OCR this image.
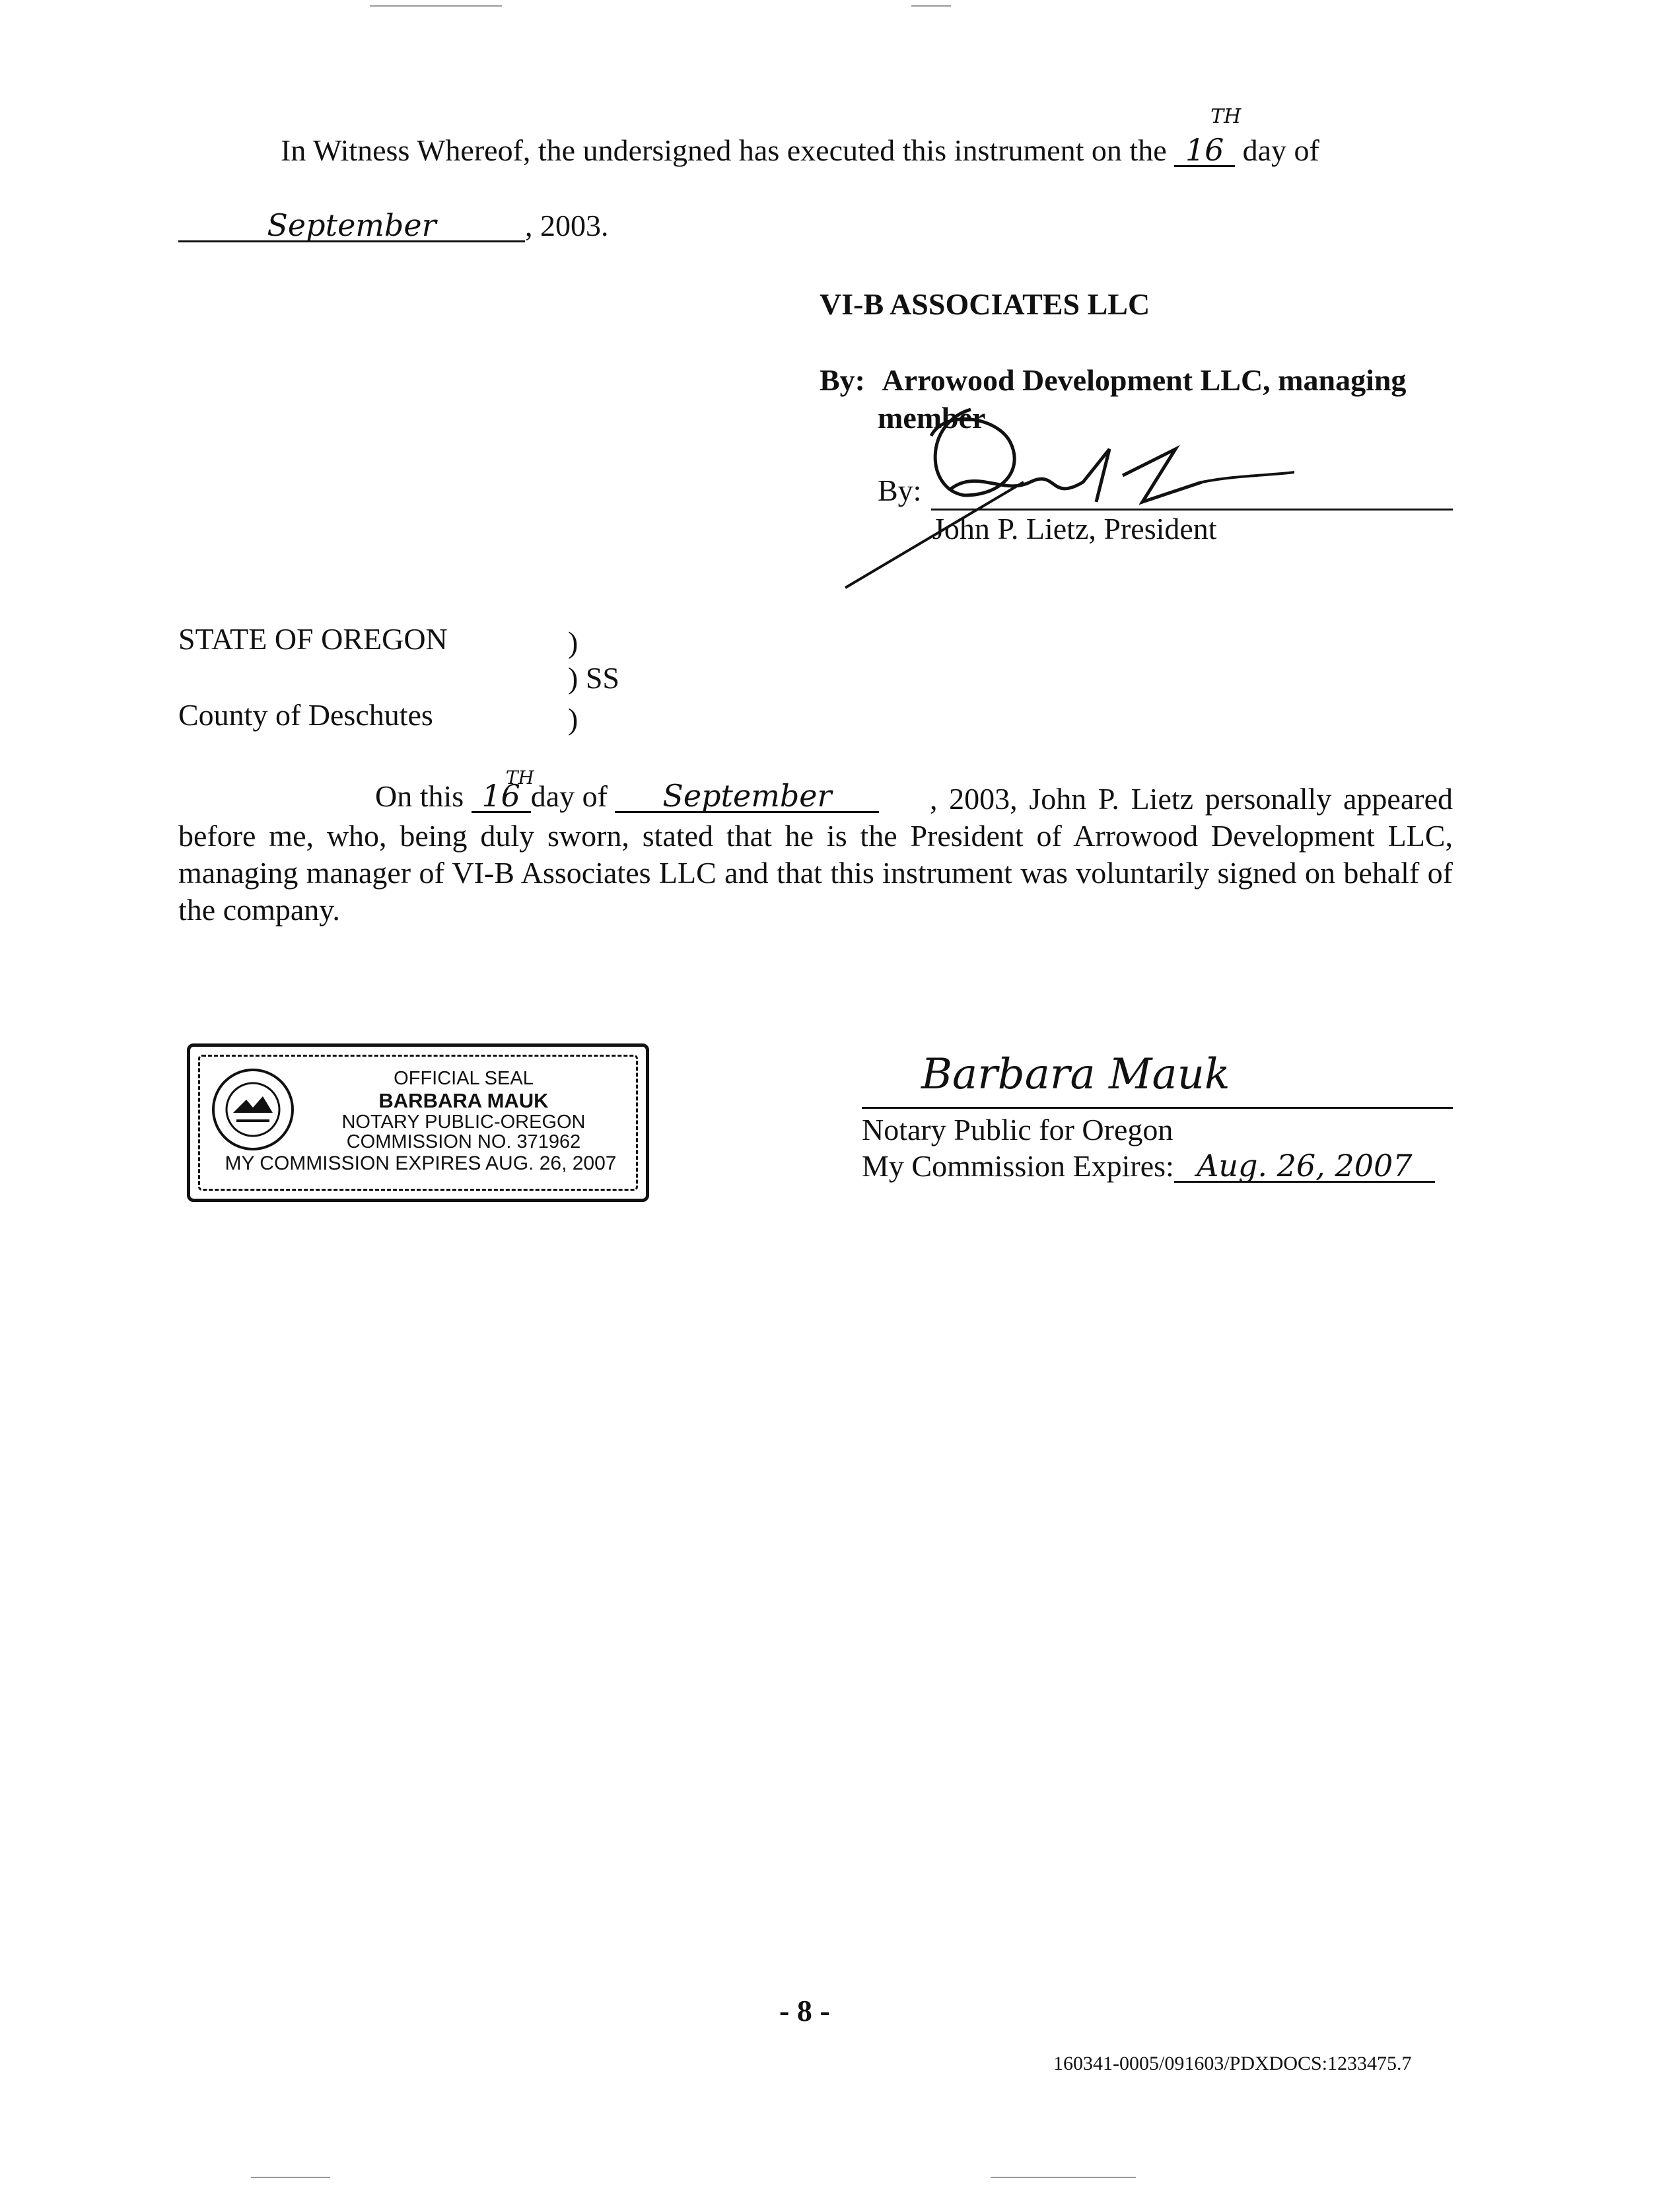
In Witness Whereof, the undersigned has executed this instrument on the 16
TH
day of
September	, 2003.
VI-B ASSOCIATES LLC
By: Arrowood Development LLC, managing
member
By:
John P. Lietz, President
STATE OF OREGON	)
) SS
County of Deschutes	)
On this 16
TH
day of September	, 2003, John P. Lietz personally appeared before me, who, being duly sworn, stated that he is the President of Arrowood Development LLC, managing manager of VI-B Associates LLC and that this instrument was voluntarily signed on behalf of the company.
OFFICIAL SEAL
BARBARA MAUK
NOTARY PUBLIC-OREGON
COMMISSION NO. 371962
MY COMMISSION EXPIRES AUG. 26, 2007
Barbara Mauk
Notary Public for Oregon
My Commission Expires: Aug. 26, 2007
- 8 -
160341-0005/091603/PDXDOCS:1233475.7
